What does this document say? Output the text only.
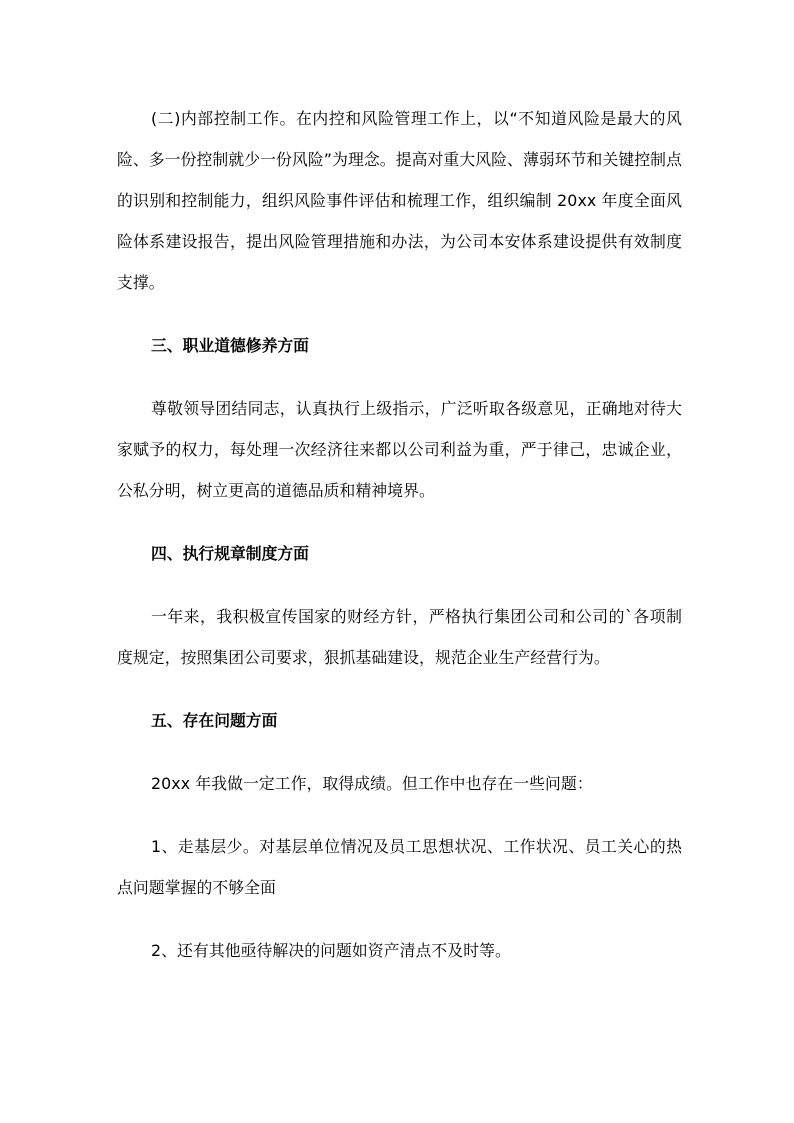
(二)内部控制工作。在内控和风险管理工作上，以“不知道风险是最大的风险、多一份控制就少一份风险”为理念。提高对重大风险、薄弱环节和关键控制点的识别和控制能力，组织风险事件评估和梳理工作，组织编制 20xx 年度全面风险体系建设报告，提出风险管理措施和办法，为公司本安体系建设提供有效制度支撑。

三、职业道德修养方面

尊敬领导团结同志，认真执行上级指示，广泛听取各级意见，正确地对待大家赋予的权力，每处理一次经济往来都以公司利益为重，严于律己，忠诚企业，公私分明，树立更高的道德品质和精神境界。

四、执行规章制度方面

一年来，我积极宣传国家的财经方针，严格执行集团公司和公司的`各项制度规定，按照集团公司要求，狠抓基础建设，规范企业生产经营行为。

五、存在问题方面

20xx 年我做一定工作，取得成绩。但工作中也存在一些问题：

1、走基层少。对基层单位情况及员工思想状况、工作状况、员工关心的热点问题掌握的不够全面

2、还有其他亟待解决的问题如资产清点不及时等。
